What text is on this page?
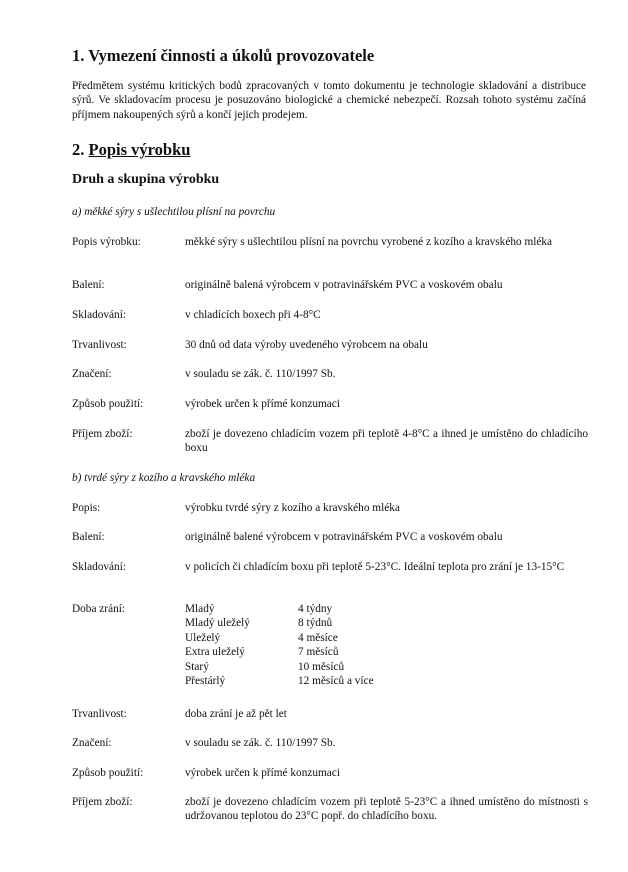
1. Vymezení činnosti a úkolů provozovatele

Předmětem systému kritických bodů zpracovaných v tomto dokumentu je technologie skladování a distribuce sýrů. Ve skladovacím procesu je posuzováno biologické a chemické nebezpečí. Rozsah tohoto systému začíná příjmem nakoupených sýrů a končí jejich prodejem.

2. Popis výrobku
Druh a skupina výrobku

a) měkké sýry s ušlechtilou plísní na povrchu

Popis výrobku:	měkké sýry s ušlechtilou plísní na povrchu vyrobené z kozího a kravského mléka
Balení:	originálně balená výrobcem v potravinářském PVC a voskovém obalu
Skladování:	v chladících boxech při 4-8°C
Trvanlivost:	30 dnů od data výroby uvedeného výrobcem na obalu
Značení:	v souladu se zák. č. 110/1997 Sb.
Způsob použití:	výrobek určen k přímé konzumaci
Příjem zboží:	zboží je dovezeno chladícím vozem při teplotě 4-8°C a ihned je umístěno do chladícího boxu

b) tvrdé sýry z kozího a kravského mléka

Popis:	výrobku tvrdé sýry z kozího a kravského mléka
Balení:	originálně balené výrobcem v potravinářském PVC a voskovém obalu
Skladování:	v policích či chladícím boxu při teplotě 5-23°C. Ideální teplota pro zrání je 13-15°C
Doba zrání:	Mladý	4 týdny
Mladý uleželý	8 týdnů
Uleželý	4 měsíce
Extra uleželý	7 měsíců
Starý	10 měsíců
Přestárlý	12 měsíců a více
Trvanlivost:	doba zrání je až pět let
Značení:	v souladu se zák. č. 110/1997 Sb.
Způsob použití:	výrobek určen k přímé konzumaci
Příjem zboží:	zboží je dovezeno chladícím vozem při teplotě 5-23°C a ihned umístěno do místnosti s udržovanou teplotou do 23°C popř. do chladícího boxu.
